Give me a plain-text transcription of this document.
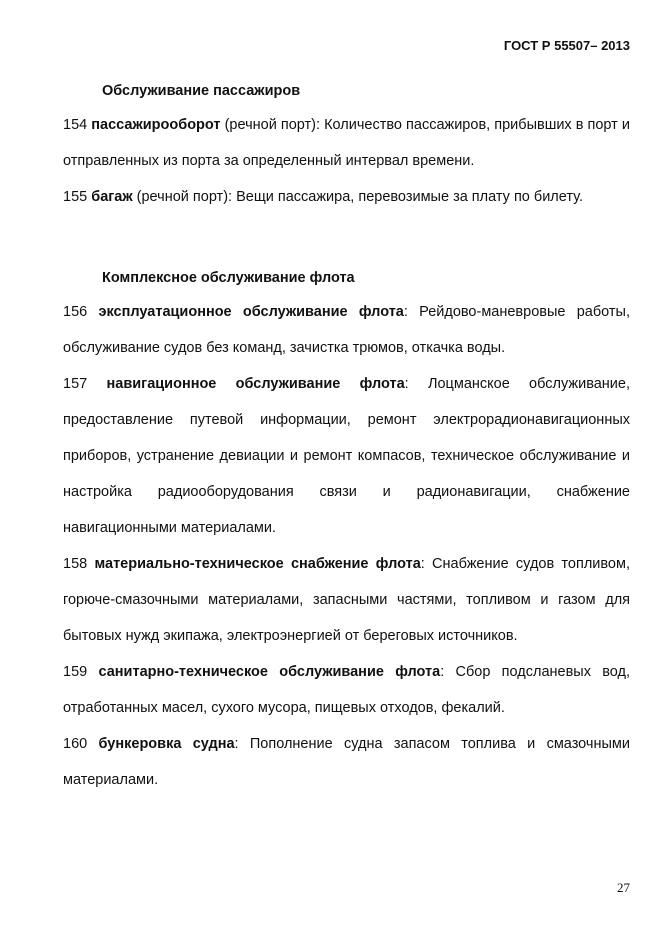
ГОСТ Р 55507– 2013
Обслуживание пассажиров

154 пассажирооборот (речной порт): Количество пассажиров, прибывших в порт и отправленных из порта за определенный интервал времени.

155 багаж (речной порт): Вещи пассажира, перевозимые за плату по билету.

Комплексное обслуживание флота

156 эксплуатационное обслуживание флота: Рейдово-маневровые работы, обслуживание судов без команд, зачистка трюмов, откачка воды.

157 навигационное обслуживание флота: Лоцманское обслуживание, предоставление путевой информации, ремонт электрорадионавигационных приборов, устранение девиации и ремонт компасов, техническое обслуживание и настройка радиооборудования связи и радионавигации, снабжение навигационными материалами.

158 материально-техническое снабжение флота: Снабжение судов топливом, горюче-смазочными материалами, запасными частями, топливом и газом для бытовых нужд экипажа, электроэнергией от береговых источников.

159 санитарно-техническое обслуживание флота: Сбор подсланевых вод, отработанных масел, сухого мусора, пищевых отходов, фекалий.

160 бункеровка судна: Пополнение судна запасом топлива и смазочными материалами.

27
